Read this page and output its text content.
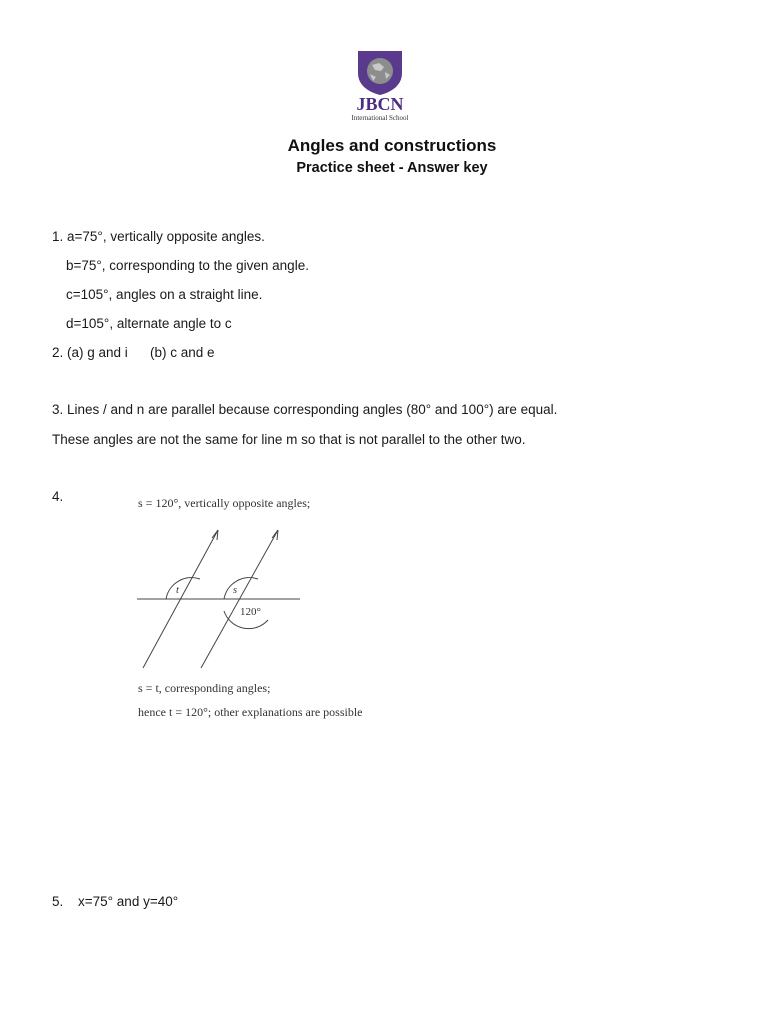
JBCN
International School
Angles and constructions
Practice sheet - Answer key
1. a=75°, vertically opposite angles.
b=75°, corresponding to the given angle.
c=105°, angles on a straight line.
d=105°, alternate angle to c
2. (a) g and i (b) c and e
3. Lines / and n are parallel because corresponding angles (80° and 100°) are equal.
These angles are not the same for line m so that is not parallel to the other two.
4.	s = 120°, vertically opposite angles;
t	s
120°
s = t, corresponding angles;
hence t = 120°; other explanations are possible
5. x=75° and y=40°
